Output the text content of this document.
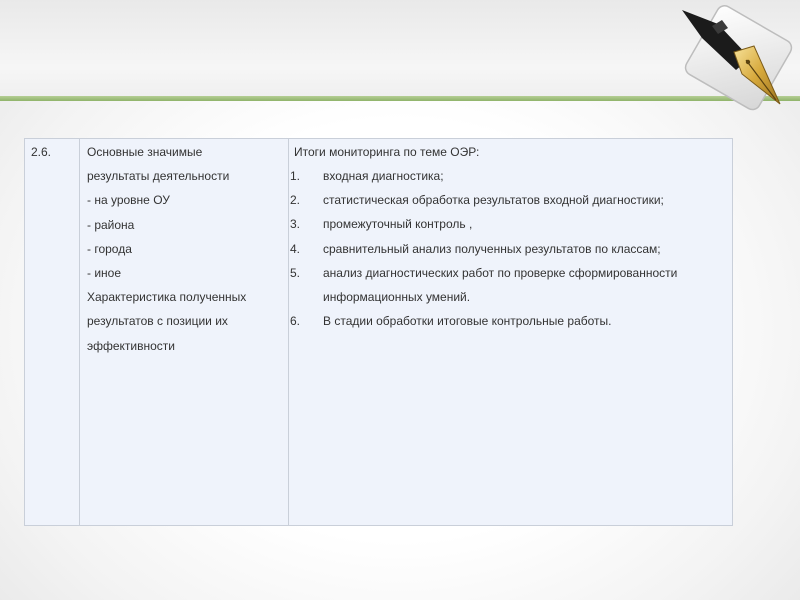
2.6.	Основные значимые
результаты деятельности
- на уровне ОУ
- района
- города
- иное
Характеристика полученных
результатов с позиции их
эффективности
Итоги мониторинга по теме ОЭР:
1. входная диагностика;
2. статистическая обработка результатов входной диагностики;
3. промежуточный контроль ,
4. сравнительный анализ полученных результатов по классам;
5. анализ диагностических работ по проверке сформированности
информационных умений.
6. В стадии обработки итоговые контрольные работы.
